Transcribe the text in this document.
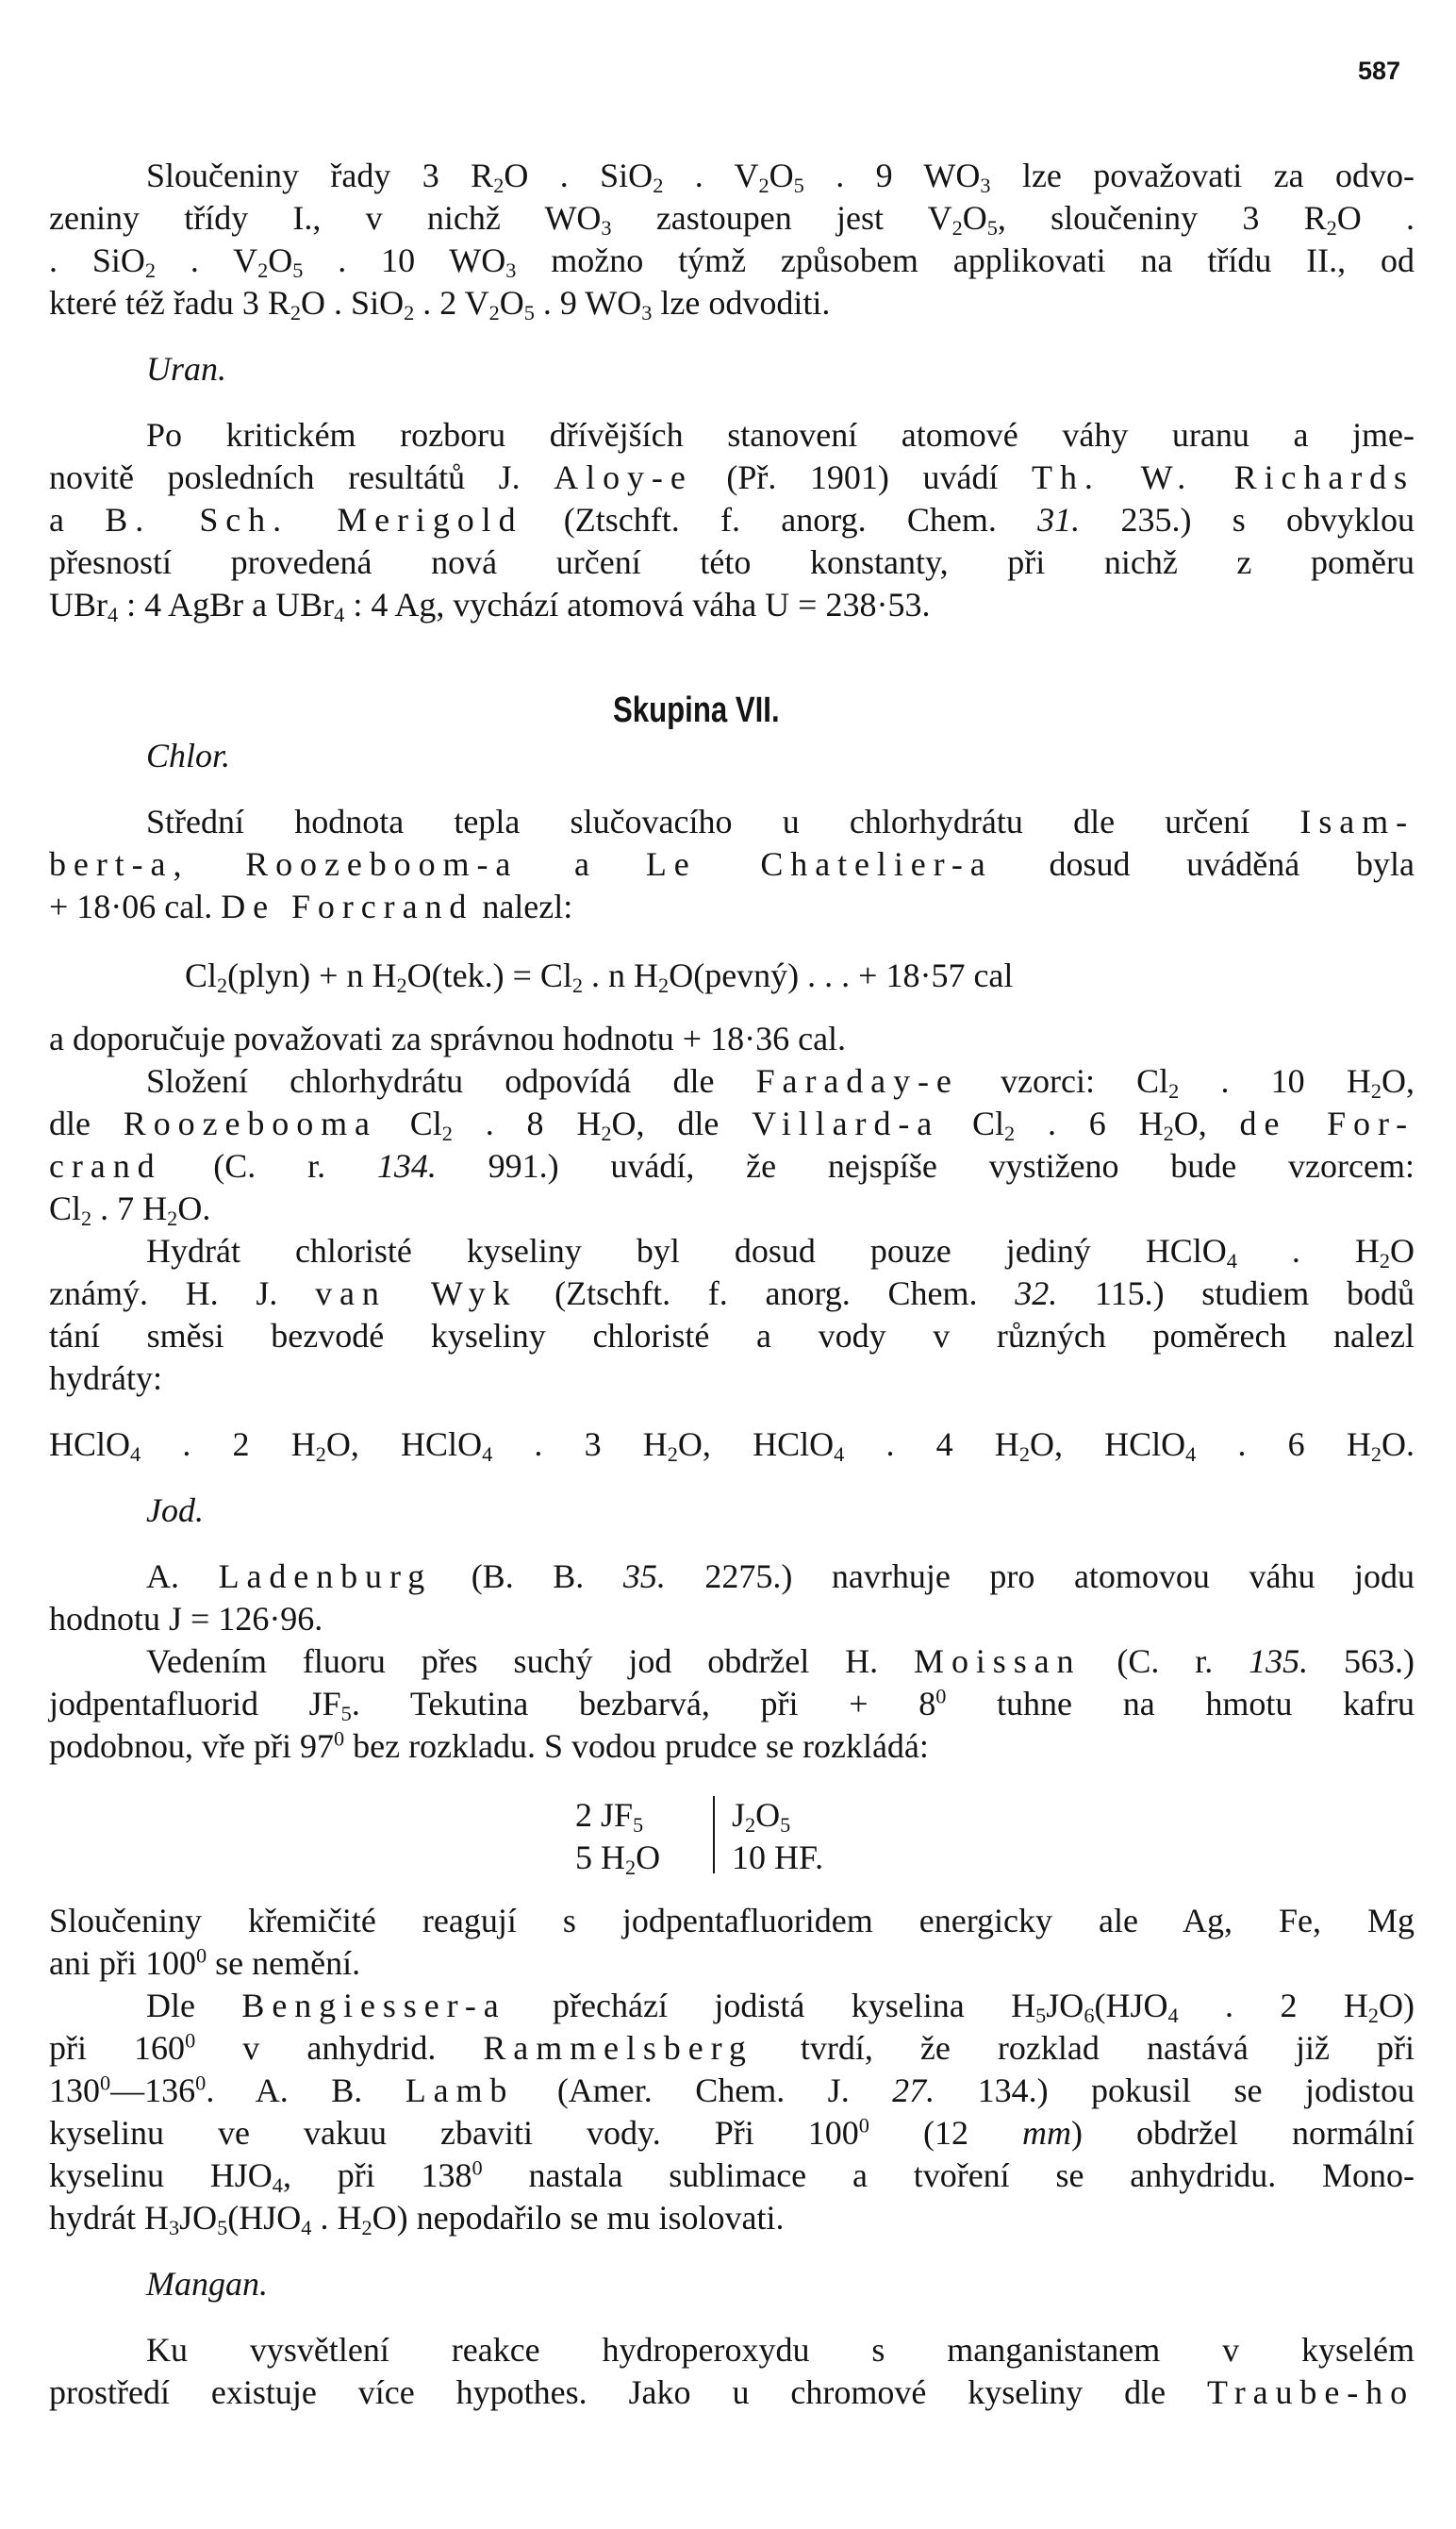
587
Sloučeniny řady 3 $R_2O$ . SiO$_2$ . $V_2O_5$ . 9 $WO_3$ lze považovati za odvo-
zeniny třídy I., v nichž $WO_3$ zastoupen jest $V_2O_5$, sloučeniny 3 $R_2O$ .
. SiO$_2$ . $V_2O_5$ . 10 $WO_3$ možno týmž způsobem applikovati na třídu II., od
které též řadu 3 $R_2O$ . SiO$_2$ . 2 $V_2O_5$ . 9 $WO_3$ lze odvoditi.
Uran.
Po kritickém rozboru dřívějších stanovení atomové váhy uranu a jme-
novitě posledních resultátů J. Aloy-e (Př. 1901) uvádí Th. W. Richards
a B. Sch. Merigold (Ztschft. f. anorg. Chem. 31. 235.) s obvyklou
přesností provedená nová určení této konstanty, při nichž z poměru
UBr$_4$ : 4 AgBr a UBr$_4$ : 4 Ag, vychází atomová váha U = 238·53.
Skupina VII.
Chlor.
Střední hodnota tepla slučovacího u chlorhydrátu dle určení Isam-
bert-a, Roozeboom-a a Le Chatelier-a dosud uváděná byla
+ 18·06 cal. De Forcrand nalezl:
$Cl_2(plyn) + n$ $H_2O(tek.) = Cl_2$ . n $H_2O(pevný)$ . . . + 18·57 cal
a doporučuje považovati za správnou hodnotu + 18·36 cal.
Složení chlorhydrátu odpovídá dle Faraday-e vzorci: $Cl_2$ . 10 $H_2O$,
dle Roozebooma $Cl_2$ . 8 $H_2O$, dle Villard-a $Cl_2$ . 6 $H_2O$, de For-
crand (C. r. 134. 991.) uvádí, že nejspíše vystiženo bude vzorcem:
$Cl_2$ . 7 $H_2O$.
Hydrát chloristé kyseliny byl dosud pouze jediný HClO$_4$ . $H_2O$
známý. H. J. van Wyk (Ztschft. f. anorg. Chem. 32. 115.) studiem bodů
tání směsi bezvodé kyseliny chloristé a vody v různých poměrech nalezl
hydráty:
HClO$_4$ . 2 $H_2O$, HClO$_4$ . 3 $H_2O$, HClO$_4$ . 4 $H_2O$, HClO$_4$ . 6 $H_2O$.
Jod.
A. Ladenburg (B. B. 35. 2275.) navrhuje pro atomovou váhu jodu
hodnotu J = 126·96.
Vedením fluoru přes suchý jod obdržel H. Moissan (C. r. 135. 563.)
jodpentafluorid $JF_5$. Tekutina bezbarvá, při + $8^0$ tuhne na hmotu kafru
podobnou, vře při $97^0$ bez rozkladu. S vodou prudce se rozkládá:
2 $JF_5$
5 $H_2O$
$J_2O_5$
10 HF.
Sloučeniny křemičité reagují s jodpentafluoridem energicky ale Ag, Fe, Mg
ani při $100^0$ se nemění.
Dle Bengiesser-a přechází jodistá kyselina $H_5JO_6(HJO_4$ . 2 $H_2O$)
při $160^0$ v anhydrid. Rammelsberg tvrdí, že rozklad nastává již při
$130^0—136^0$. A. B. Lamb (Amer. Chem. J. 27. 134.) pokusil se jodistou
kyselinu ve vakuu zbaviti vody. Při $100^0$ (12 mm) obdržel normální
kyselinu $HJO_4$, při $138^0$ nastala sublimace a tvoření se anhydridu. Mono-
hydrát $H_3JO_5(HJO_4$ . $H_2O$) nepodařilo se mu isolovati.
Mangan.
Ku vysvětlení reakce hydroperoxydu s manganistanem v kyselém
prostředí existuje více hypothes. Jako u chromové kyseliny dle Traube-ho
